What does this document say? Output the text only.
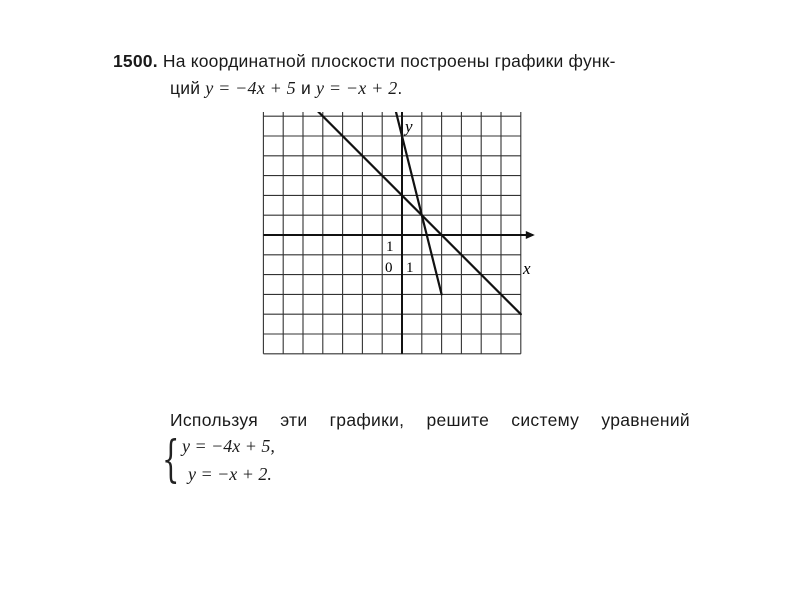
1500. На координатной плоскости построены графики функ-
ций y = −4x + 5 и y = −x + 2.
x
y
0 1
1
Используя эти графики, решите систему уравнений
{ y = −4x + 5,
y = −x + 2.
